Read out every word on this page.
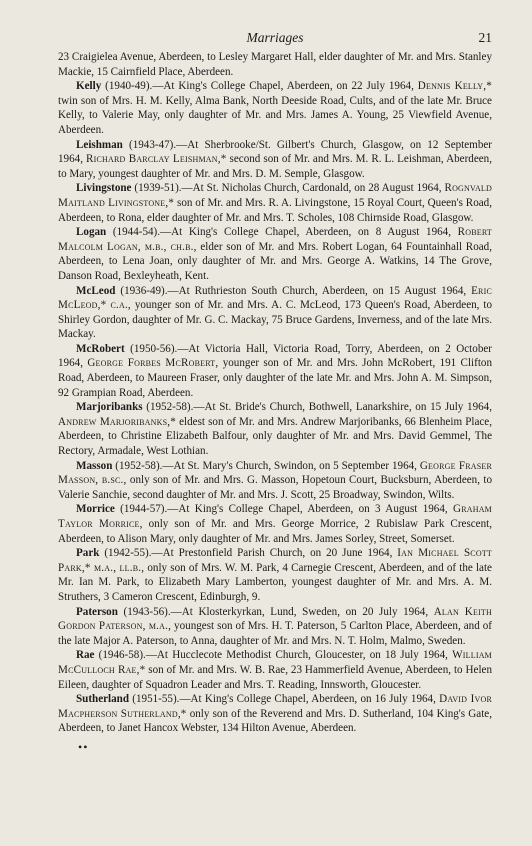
Marriages	21

23 Craigielea Avenue, Aberdeen, to Lesley Margaret Hall, elder daughter of Mr. and Mrs. Stanley Mackie, 15 Cairnfield Place, Aberdeen.

Kelly (1940-49).—At King's College Chapel, Aberdeen, on 22 July 1964, Dennis Kelly,* twin son of Mrs. H. M. Kelly, Alma Bank, North Deeside Road, Cults, and of the late Mr. Bruce Kelly, to Valerie May, only daughter of Mr. and Mrs. James A. Young, 25 Viewfield Avenue, Aberdeen.

Leishman (1943-47).—At Sherbrooke/St. Gilbert's Church, Glasgow, on 12 September 1964, Richard Barclay Leishman,* second son of Mr. and Mrs. M. R. L. Leishman, Aberdeen, to Mary, youngest daughter of Mr. and Mrs. D. M. Semple, Glasgow.

Livingstone (1939-51).—At St. Nicholas Church, Cardonald, on 28 August 1964, Rognvald Maitland Livingstone,* son of Mr. and Mrs. R. A. Livingstone, 15 Royal Court, Queen's Road, Aberdeen, to Rona, elder daughter of Mr. and Mrs. T. Scholes, 108 Chirnside Road, Glasgow.

Logan (1944-54).—At King's College Chapel, Aberdeen, on 8 August 1964, Robert Malcolm Logan, m.b., ch.b., elder son of Mr. and Mrs. Robert Logan, 64 Fountainhall Road, Aberdeen, to Lena Joan, only daughter of Mr. and Mrs. George A. Watkins, 14 The Grove, Danson Road, Bexleyheath, Kent.

McLeod (1936-49).—At Ruthrieston South Church, Aberdeen, on 15 August 1964, Eric McLeod,* c.a., younger son of Mr. and Mrs. A. C. McLeod, 173 Queen's Road, Aberdeen, to Shirley Gordon, daughter of Mr. G. C. Mackay, 75 Bruce Gardens, Inverness, and of the late Mrs. Mackay.

McRobert (1950-56).—At Victoria Hall, Victoria Road, Torry, Aberdeen, on 2 October 1964, George Forbes McRobert, younger son of Mr. and Mrs. John McRobert, 191 Clifton Road, Aberdeen, to Maureen Fraser, only daughter of the late Mr. and Mrs. John A. M. Simpson, 92 Grampian Road, Aberdeen.

Marjoribanks (1952-58).—At St. Bride's Church, Bothwell, Lanarkshire, on 15 July 1964, Andrew Marjoribanks,* eldest son of Mr. and Mrs. Andrew Marjoribanks, 66 Blenheim Place, Aberdeen, to Christine Elizabeth Balfour, only daughter of Mr. and Mrs. David Gemmel, The Rectory, Armadale, West Lothian.

Masson (1952-58).—At St. Mary's Church, Swindon, on 5 September 1964, George Fraser Masson, b.sc., only son of Mr. and Mrs. G. Masson, Hopetoun Court, Bucksburn, Aberdeen, to Valerie Sanchie, second daughter of Mr. and Mrs. J. Scott, 25 Broadway, Swindon, Wilts.

Morrice (1944-57).—At King's College Chapel, Aberdeen, on 3 August 1964, Graham Taylor Morrice, only son of Mr. and Mrs. George Morrice, 2 Rubislaw Park Crescent, Aberdeen, to Alison Mary, only daughter of Mr. and Mrs. James Sorley, Street, Somerset.

Park (1942-55).—At Prestonfield Parish Church, on 20 June 1964, Ian Michael Scott Park,* m.a., ll.b., only son of Mrs. W. M. Park, 4 Carnegie Crescent, Aberdeen, and of the late Mr. Ian M. Park, to Elizabeth Mary Lamberton, youngest daughter of Mr. and Mrs. A. M. Struthers, 3 Cameron Crescent, Edinburgh, 9.

Paterson (1943-56).—At Klosterkyrkan, Lund, Sweden, on 20 July 1964, Alan Keith Gordon Paterson, m.a., youngest son of Mrs. H. T. Paterson, 5 Carlton Place, Aberdeen, and of the late Major A. Paterson, to Anna, daughter of Mr. and Mrs. N. T. Holm, Malmo, Sweden.

Rae (1946-58).—At Hucclecote Methodist Church, Gloucester, on 18 July 1964, William McCulloch Rae,* son of Mr. and Mrs. W. B. Rae, 23 Hammerfield Avenue, Aberdeen, to Helen Eileen, daughter of Squadron Leader and Mrs. T. Reading, Innsworth, Gloucester.

Sutherland (1951-55).—At King's College Chapel, Aberdeen, on 16 July 1964, David Ivor Macpherson Sutherland,* only son of the Reverend and Mrs. D. Sutherland, 104 King's Gate, Aberdeen, to Janet Hancox Webster, 134 Hilton Avenue, Aberdeen.

••
